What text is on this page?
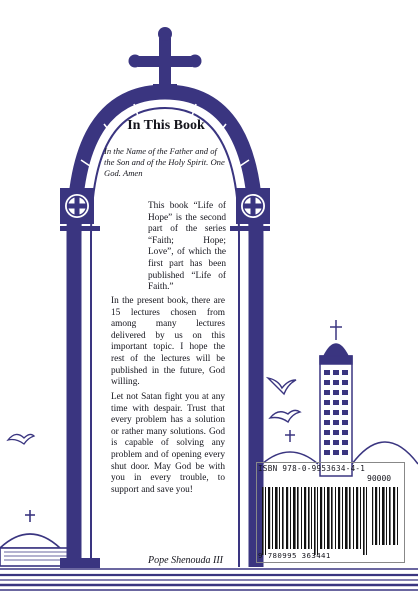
In This Book

In the Name of the Father and of the Son and of the Holy Spirit. One God. Amen

This book “Life of Hope” is the second part of the series “Faith; Hope; Love”, of which the first part has been published “Life of Faith.”

In the present book, there are 15 lectures chosen from among many lectures delivered by us on this important topic. I hope the rest of the lectures will be published in the future, God willing.

Let not Satan fight you at any time with despair. Trust that every problem has a solution or rather many solutions. God is capable of solving any problem and of opening every shut door. May God be with you in every trouble, to support and save you!

Pope Shenouda III

ISBN 978-0-9953634-4-1

90000

9 780995 363441
